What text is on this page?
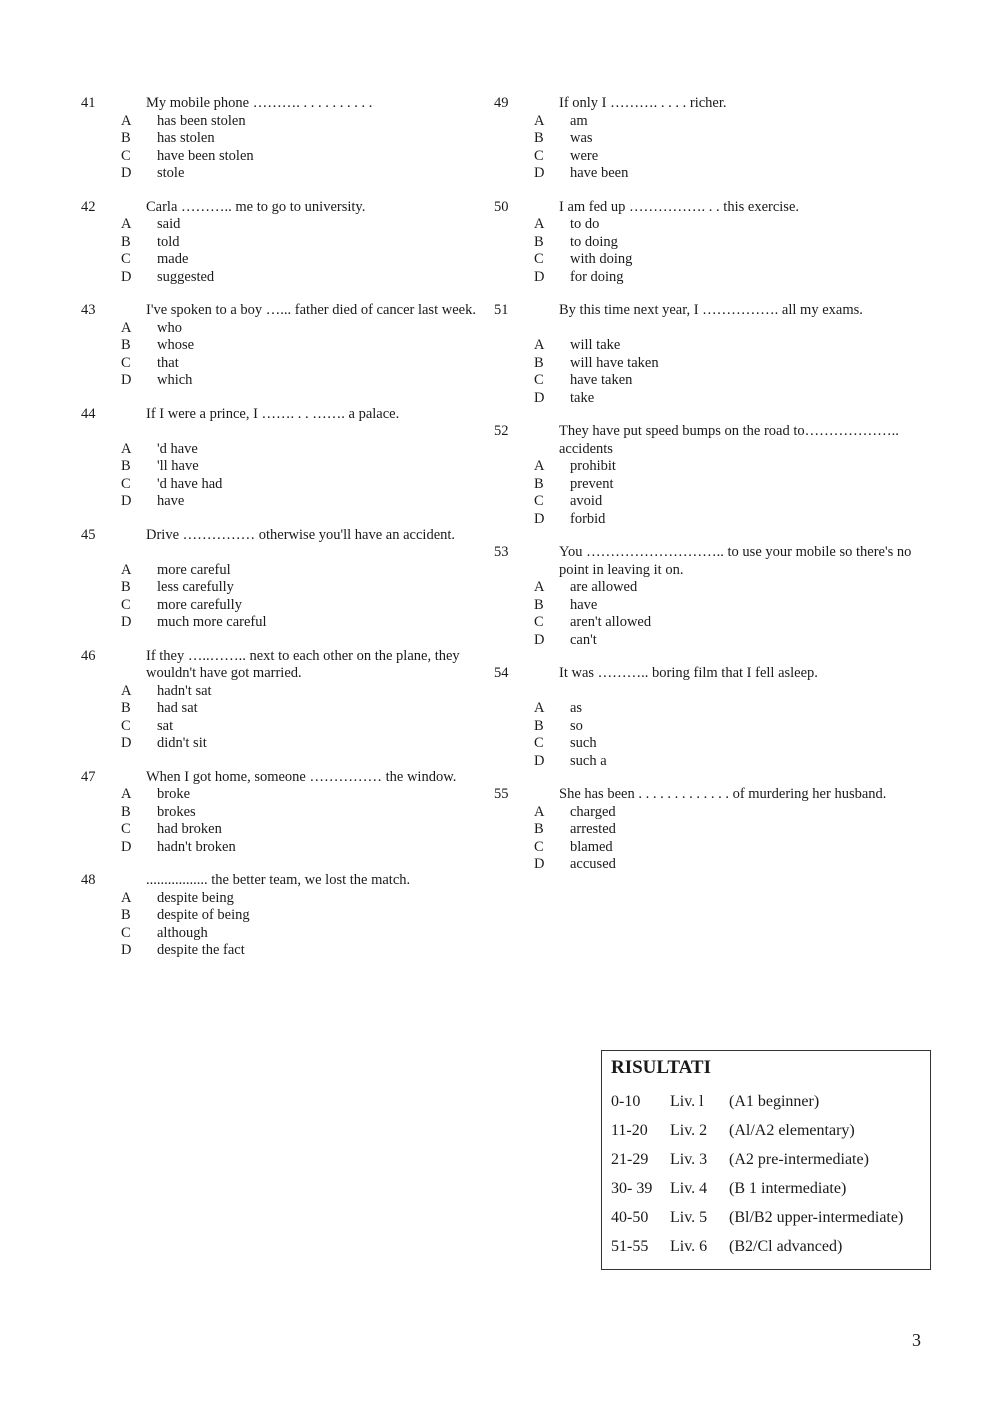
41	My mobile phone ………. . . . . . . . . . .
A	has been stolen
B	has stolen
C	have been stolen
D	stole
42	Carla ……….. me to go to university.
A	said
B	told
C	made
D	suggested
43	I've spoken to a boy …... father died of cancer last week.
A	who
B	whose
C	that
D	which
44	If I were a prince, I ……. . . ……. a palace.
A	'd have
B	'll have
C	'd have had
D	have
45	Drive …………… otherwise you'll have an accident.
A	more careful
B	less carefully
C	more carefully
D	much more careful
46	If they …..…….. next to each other on the plane, they wouldn't have got married.
A	hadn't sat
B	had sat
C	sat
D	didn't sit
47	When I got home, someone …………… the window.
A	broke
B	brokes
C	had broken
D	hadn't broken
48	................. the better team, we lost the match.
A	despite being
B	despite of being
C	although
D	despite the fact
49	If only I ………. . . . . richer.
A	am
B	was
C	were
D	have been
50	I am fed up ……………. . . this exercise.
A	to do
B	to doing
C	with doing
D	for doing
51	By this time next year, I ……………. all my exams.
A	will take
B	will have taken
C	have taken
D	take
52	They have put speed bumps on the road to……………….. accidents
A	prohibit
B	prevent
C	avoid
D	forbid
53	You ……………………….. to use your mobile so there's no point in leaving it on.
A	are allowed
B	have
C	aren't allowed
D	can't
54	It was ……….. boring film that I fell asleep.
A	as
B	so
C	such
D	such a
55	She has been . . . . . . . . . . . . . of murdering her husband.
A	charged
B	arrested
C	blamed
D	accused
RISULTATI
0-10	Liv. l	(A1 beginner)
11-20	Liv. 2	(Al/A2 elementary)
21-29	Liv. 3	(A2 pre-intermediate)
30- 39	Liv. 4	(B 1 intermediate)
40-50	Liv. 5	(Bl/B2 upper-intermediate)
51-55	Liv. 6	(B2/Cl advanced)
3
